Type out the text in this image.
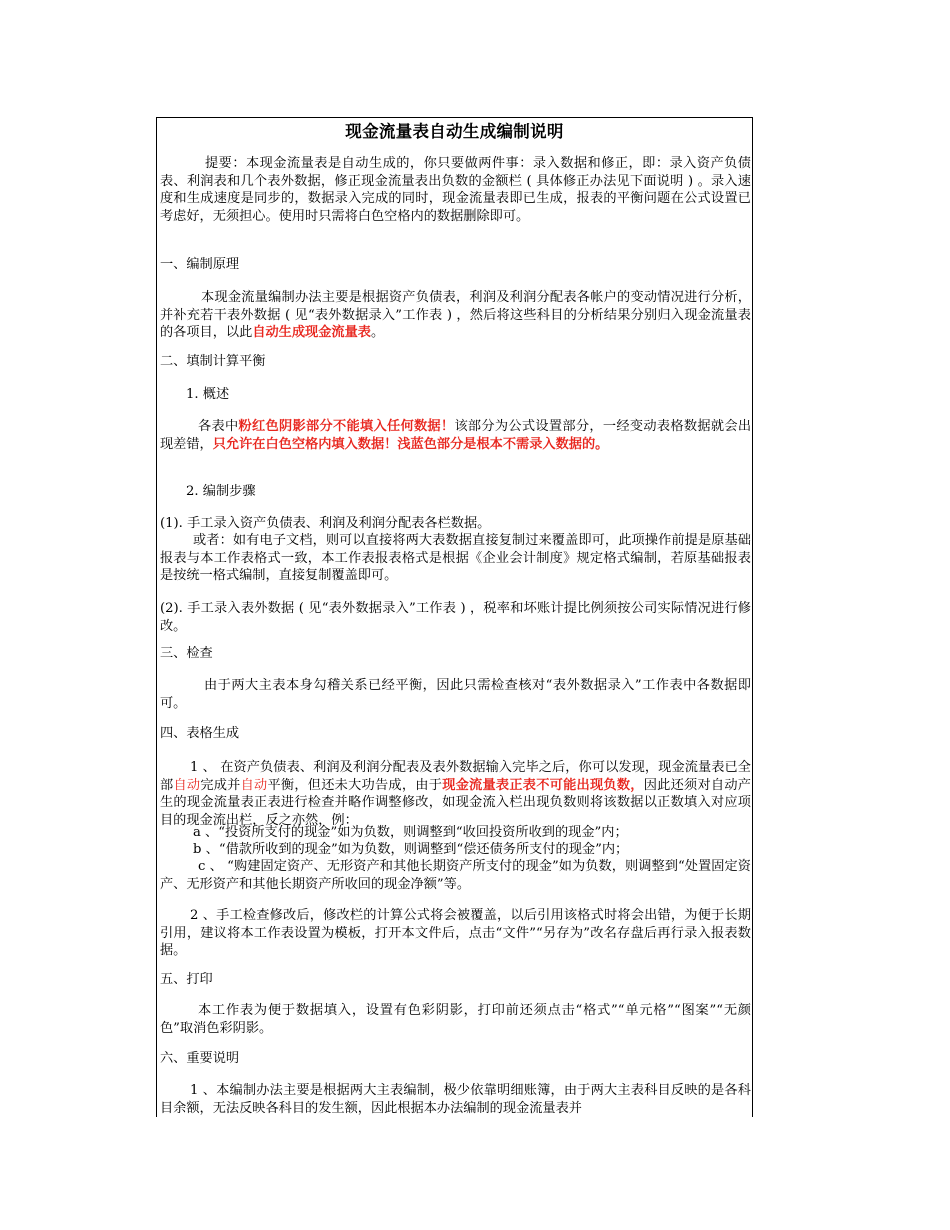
现金流量表自动生成编制说明

提要：本现金流量表是自动生成的，你只要做两件事：录入数据和修正，即：录入资产负债表、利润表和几个表外数据，修正现金流量表出负数的金额栏 ( 具体修正办法见下面说明 ) 。录入速度和生成速度是同步的，数据录入完成的同时，现金流量表即已生成，报表的平衡问题在公式设置已考虑好，无须担心。使用时只需将白色空格内的数据删除即可。

一、编制原理

本现金流量编制办法主要是根据资产负债表，利润及利润分配表各帐户的变动情况进行分析，并补充若干表外数据 ( 见“表外数据录入”工作表 ) ，然后将这些科目的分析结果分别归入现金流量表的各项目，以此自动生成现金流量表。

二、填制计算平衡

1. 概述

各表中粉红色阴影部分不能填入任何数据！该部分为公式设置部分，一经变动表格数据就会出现差错，只允许在白色空格内填入数据！浅蓝色部分是根本不需录入数据的。

2. 编制步骤

(1). 手工录入资产负债表、利润及利润分配表各栏数据。

或者：如有电子文档，则可以直接将两大表数据直接复制过来覆盖即可，此项操作前提是原基础报表与本工作表格式一致，本工作表报表格式是根据《企业会计制度》规定格式编制，若原基础报表是按统一格式编制，直接复制覆盖即可。

(2). 手工录入表外数据 ( 见“表外数据录入”工作表 ) ，税率和坏账计提比例须按公司实际情况进行修改。

三、检查

由于两大主表本身勾稽关系已经平衡，因此只需检查核对“表外数据录入”工作表中各数据即可。

四、表格生成

1 、 在资产负债表、利润及利润分配表及表外数据输入完毕之后，你可以发现，现金流量表已全部自动完成并自动平衡，但还未大功告成，由于现金流量表正表不可能出现负数，因此还须对自动产生的现金流量表正表进行检查并略作调整修改，如现金流入栏出现负数则将该数据以正数填入对应项目的现金流出栏，反之亦然，例：

a 、“投资所支付的现金”如为负数，则调整到“收回投资所收到的现金”内；

b 、“借款所收到的现金”如为负数，则调整到“偿还债务所支付的现金”内；

c 、 “购建固定资产、无形资产和其他长期资产所支付的现金”如为负数，则调整到“处置固定资产、无形资产和其他长期资产所收回的现金净额”等。

2 、手工检查修改后，修改栏的计算公式将会被覆盖，以后引用该格式时将会出错，为便于长期引用，建议将本工作表设置为模板，打开本文件后，点击“文件”“另存为”改名存盘后再行录入报表数据。

五、打印

本工作表为便于数据填入，设置有色彩阴影，打印前还须点击“格式”“单元格”“图案”“无颜色”取消色彩阴影。

六、重要说明

1 、本编制办法主要是根据两大主表编制，极少依靠明细账簿，由于两大主表科目反映的是各科目余额，无法反映各科目的发生额，因此根据本办法编制的现金流量表并
